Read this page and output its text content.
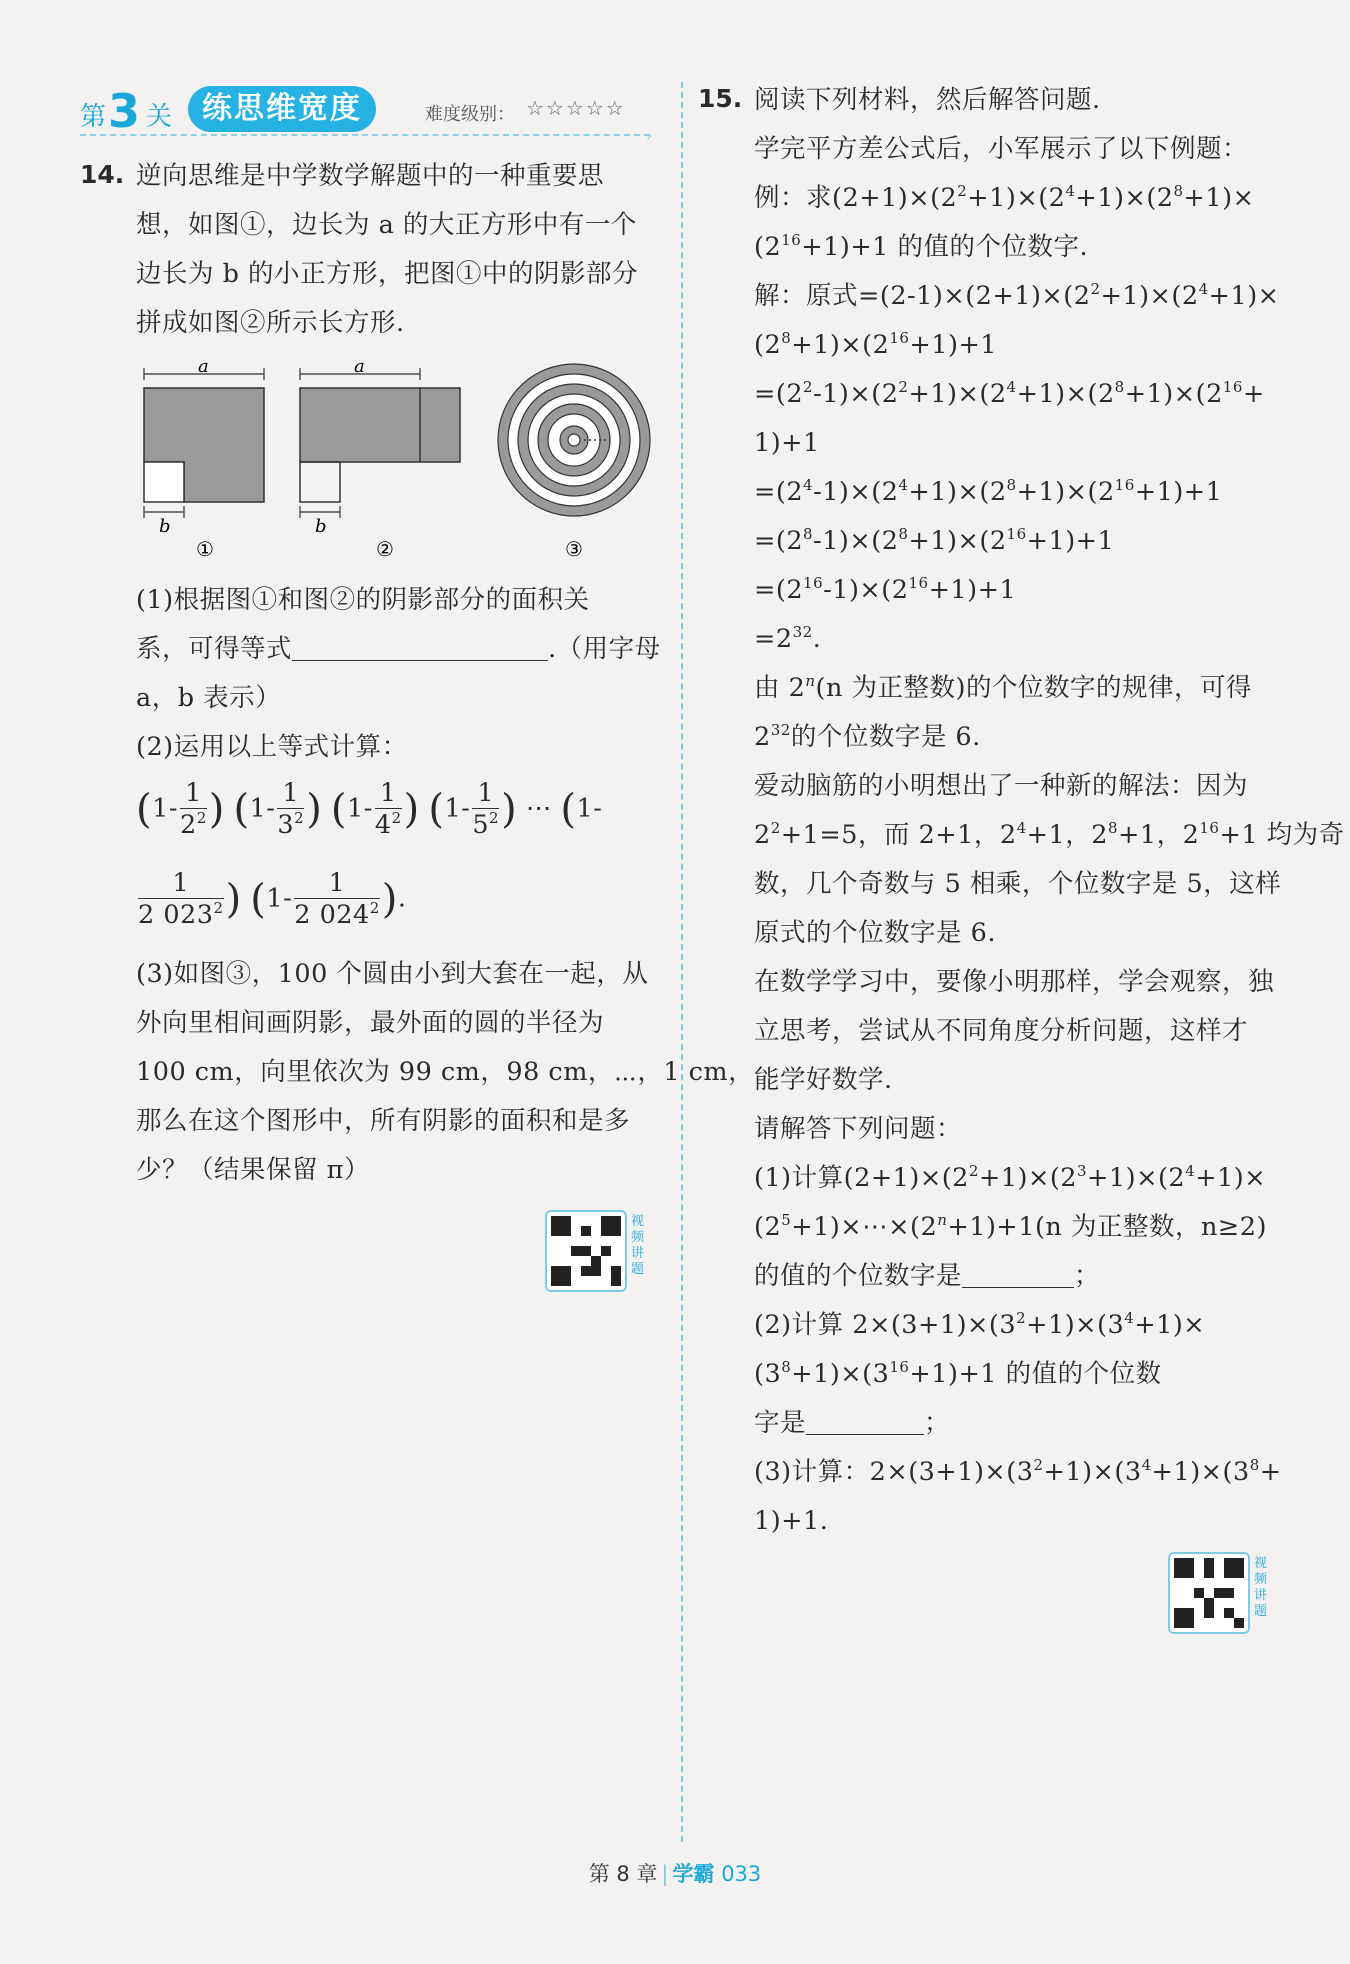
第 3 关 练思维宽度	难度级别： ☆☆☆☆☆
›
14. 逆向思维是中学数学解题中的一种重要思
想，如图①，边长为 a 的大正方形中有一个
边长为 b 的小正方形，把图①中的阴影部分
拼成如图②所示长方形.
a
b
①
a
b
②	③
(1)根据图①和图②的阴影部分的面积关
系，可得等式	.（用字母
a，b 表示）
(2)运用以上等式计算：
($1- \frac{1}{2^2}$ ) ($1- \frac{1}{3^2}$ ) ($1- \frac{1}{4^2}$ ) ($1- \frac{1}{5^2}$ ) ⋯ (1-
$\frac{1}{2 023^2}$ ) ($1- \frac{1}{2 024^2}$ ).
(3)如图③，100 个圆由小到大套在一起，从
外向里相间画阴影，最外面的圆的半径为
100 cm，向里依次为 99 cm，98 cm，⋯，1 cm，
那么在这个图形中，所有阴影的面积和是多
少？（结果保留 π）
视频讲题
15. 阅读下列材料，然后解答问题.
学完平方差公式后，小军展示了以下例题：
例：求$(2+1)\times(2^2+1)\times(2^4+1)\times(2^8+1)\times$
$(2^{16}+1)+1$ 的值的个位数字.
解：原式$=(2-1)\times(2+1)\times(2^2+1)\times(2^4+1)\times$
$(2^8+1)\times(2^{16}+1)+1$
$=(2^2-1)\times(2^2+1)\times(2^4+1)\times(2^8+1)\times(2^{16}+$
1)+1
$=(2^4-1)\times(2^4+1)\times(2^8+1)\times(2^{16}+1)+1$
$=(2^8-1)\times(2^8+1)\times(2^{16}+1)+1$
$=(2^{16}-1)\times(2^{16}+1)+1$
$=2^{32}$.
由 2$^n$(n 为正整数)的个位数字的规律，可得
$2^{32}$的个位数字是 6.
爱动脑筋的小明想出了一种新的解法：因为
$2^2+1=5$，而 2+1，$2^4+1$，$2^8+1$，$2^{16}+1$ 均为奇
数，几个奇数与 5 相乘，个位数字是 5，这样
原式的个位数字是 6.
在数学学习中，要像小明那样，学会观察，独
立思考，尝试从不同角度分析问题，这样才
能学好数学.
请解答下列问题：
(1)计算$(2+1)\times(2^2+1)\times(2^3+1)\times(2^4+1)\times$
$(2^5+1)\times\cdots\times(2^n+1)+1(n$ 为正整数，n≥2)
的值的个位数字是	；
(2)计算 $2\times(3+1)\times(3^2+1)\times(3^4+1)\times$
$(3^8+1)\times(3^{16}+1)+1$ 的值的个位数
字是	；
(3)计算：$2\times(3+1)\times(3^2+1)\times(3^4+1)\times(3^8+$
1)+1.
视频讲题
第 8 章 | 学霸 033
